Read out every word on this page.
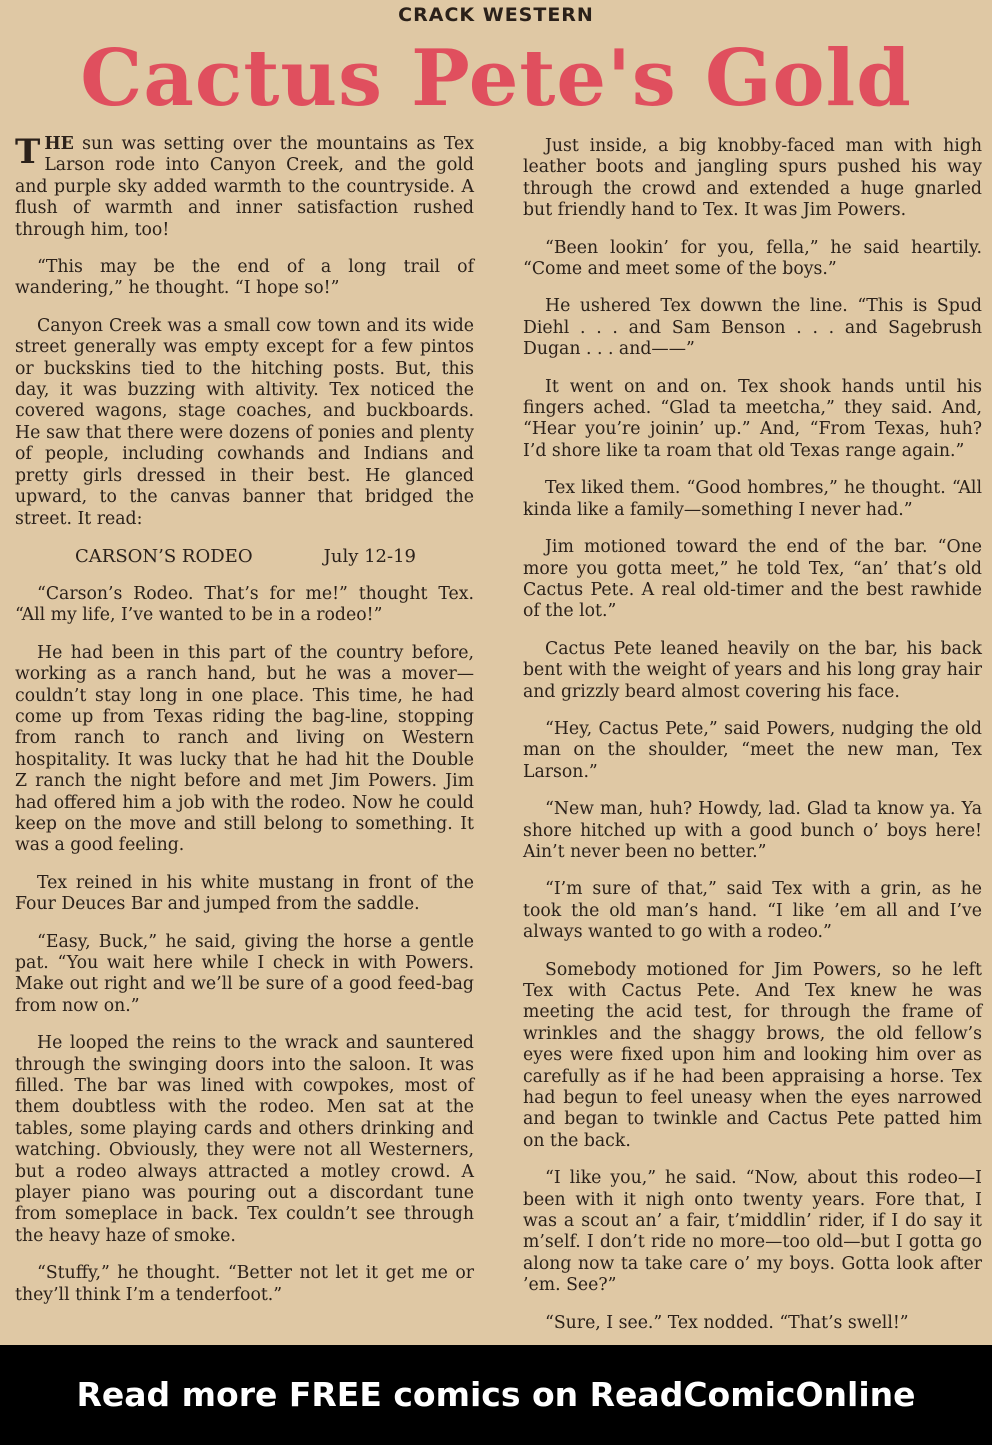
CRACK WESTERN
Cactus Pete's Gold

THE sun was setting over the mountains as Tex Larson rode into Canyon Creek, and the gold and purple sky added warmth to the countryside. A flush of warmth and inner satisfaction rushed through him, too!

“This may be the end of a long trail of wandering,” he thought. “I hope so!”

Canyon Creek was a small cow town and its wide street generally was empty except for a few pintos or buckskins tied to the hitching posts. But, this day, it was buzzing with altivity. Tex noticed the covered wagons, stage coaches, and buckboards. He saw that there were dozens of ponies and plenty of people, including cowhands and Indians and pretty girls dressed in their best. He glanced upward, to the canvas banner that bridged the street. It read:

CARSON’S RODEO	July 12-19

“Carson’s Rodeo. That’s for me!” thought Tex. “All my life, I’ve wanted to be in a rodeo!”

He had been in this part of the country before, working as a ranch hand, but he was a mover—couldn’t stay long in one place. This time, he had come up from Texas riding the bag-line, stopping from ranch to ranch and living on Western hospitality. It was lucky that he had hit the Double Z ranch the night before and met Jim Powers. Jim had offered him a job with the rodeo. Now he could keep on the move and still belong to something. It was a good feeling.

Tex reined in his white mustang in front of the Four Deuces Bar and jumped from the saddle.

“Easy, Buck,” he said, giving the horse a gentle pat. “You wait here while I check in with Powers. Make out right and we’ll be sure of a good feed-bag from now on.”

He looped the reins to the wrack and sauntered through the swinging doors into the saloon. It was filled. The bar was lined with cowpokes, most of them doubtless with the rodeo. Men sat at the tables, some playing cards and others drinking and watching. Obviously, they were not all Westerners, but a rodeo always attracted a motley crowd. A player piano was pouring out a discordant tune from someplace in back. Tex couldn’t see through the heavy haze of smoke.

“Stuffy,” he thought. “Better not let it get me or they’ll think I’m a tenderfoot.”

Just inside, a big knobby-faced man with high leather boots and jangling spurs pushed his way through the crowd and extended a huge gnarled but friendly hand to Tex. It was Jim Powers.

“Been lookin’ for you, fella,” he said heartily. “Come and meet some of the boys.”

He ushered Tex dowwn the line. “This is Spud Diehl . . . and Sam Benson . . . and Sagebrush Dugan . . . and——”

It went on and on. Tex shook hands until his fingers ached. “Glad ta meetcha,” they said. And, “Hear you’re joinin’ up.” And, “From Texas, huh? I’d shore like ta roam that old Texas range again.”

Tex liked them. “Good hombres,” he thought. “All kinda like a family—something I never had.”

Jim motioned toward the end of the bar. “One more you gotta meet,” he told Tex, “an’ that’s old Cactus Pete. A real old-timer and the best rawhide of the lot.”

Cactus Pete leaned heavily on the bar, his back bent with the weight of years and his long gray hair and grizzly beard almost covering his face.

“Hey, Cactus Pete,” said Powers, nudging the old man on the shoulder, “meet the new man, Tex Larson.”

“New man, huh? Howdy, lad. Glad ta know ya. Ya shore hitched up with a good bunch o’ boys here! Ain’t never been no better.”

“I’m sure of that,” said Tex with a grin, as he took the old man’s hand. “I like ’em all and I’ve always wanted to go with a rodeo.”

Somebody motioned for Jim Powers, so he left Tex with Cactus Pete. And Tex knew he was meeting the acid test, for through the frame of wrinkles and the shaggy brows, the old fellow’s eyes were fixed upon him and looking him over as carefully as if he had been appraising a horse. Tex had begun to feel uneasy when the eyes narrowed and began to twinkle and Cactus Pete patted him on the back.

“I like you,” he said. “Now, about this rodeo—I been with it nigh onto twenty years. Fore that, I was a scout an’ a fair, t’middlin’ rider, if I do say it m’self. I don’t ride no more—too old—but I gotta go along now ta take care o’ my boys. Gotta look after ’em. See?”

“Sure, I see.” Tex nodded. “That’s swell!”

Read more FREE comics on ReadComicOnline
